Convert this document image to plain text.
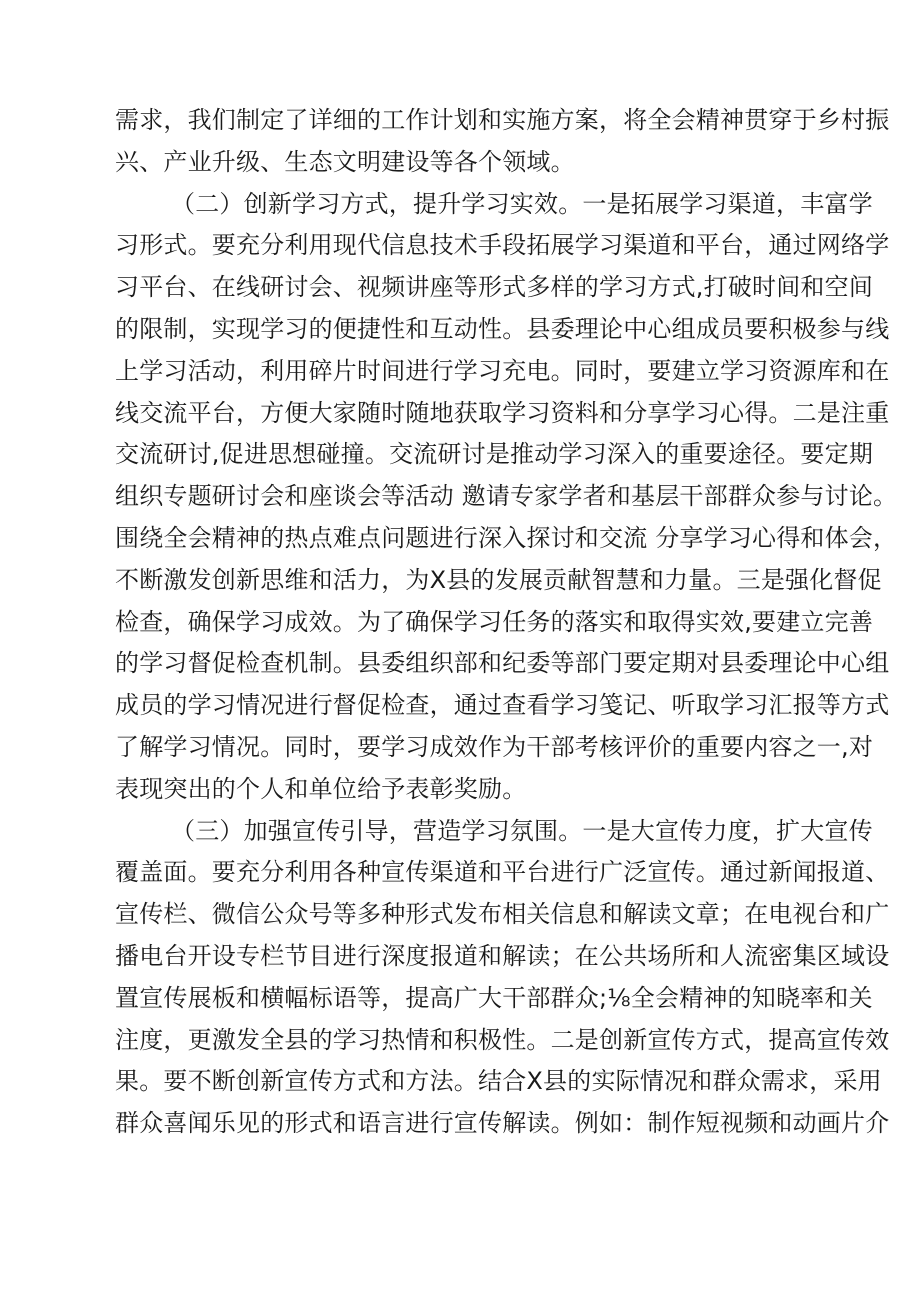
需求，我们制定了详细的工作计划和实施方案，将全会精神贯穿于乡村振
兴、产业升级、生态文明建设等各个领域。
（二）创新学习方式，提升学习实效。一是拓展学习渠道，丰富学
习形式。要充分利用现代信息技术手段拓展学习渠道和平台，通过网络学
习平台、在线研讨会、视频讲座等形式多样的学习方式,打破时间和空间
的限制，实现学习的便捷性和互动性。县委理论中心组成员要积极参与线
上学习活动，利用碎片时间进行学习充电。同时，要建立学习资源库和在
线交流平台，方便大家随时随地获取学习资料和分享学习心得。二是注重
交流研讨,促进思想碰撞。交流研讨是推动学习深入的重要途径。要定期
组织专题研讨会和座谈会等活动 邀请专家学者和基层干部群众参与讨论。
围绕全会精神的热点难点问题进行深入探讨和交流 分享学习心得和体会，
不断激发创新思维和活力，为X县的发展贡献智慧和力量。三是强化督促
检查，确保学习成效。为了确保学习任务的落实和取得实效,要建立完善
的学习督促检查机制。县委组织部和纪委等部门要定期对县委理论中心组
成员的学习情况进行督促检查，通过查看学习笺记、听取学习汇报等方式
了解学习情况。同时，要学习成效作为干部考核评价的重要内容之一,对
表现突出的个人和单位给予表彰奖励。
（三）加强宣传引导，营造学习氛围。一是大宣传力度，扩大宣传
覆盖面。要充分利用各种宣传渠道和平台进行广泛宣传。通过新闻报道、
宣传栏、微信公众号等多种形式发布相关信息和解读文章；在电视台和广
播电台开设专栏节目进行深度报道和解读；在公共场所和人流密集区域设
置宣传展板和横幅标语等，提高广大干部群众;⅛全会精神的知晓率和关
注度，更激发全县的学习热情和积极性。二是创新宣传方式，提高宣传效
果。要不断创新宣传方式和方法。结合X县的实际情况和群众需求，采用
群众喜闻乐见的形式和语言进行宣传解读。例如：制作短视频和动画片介
